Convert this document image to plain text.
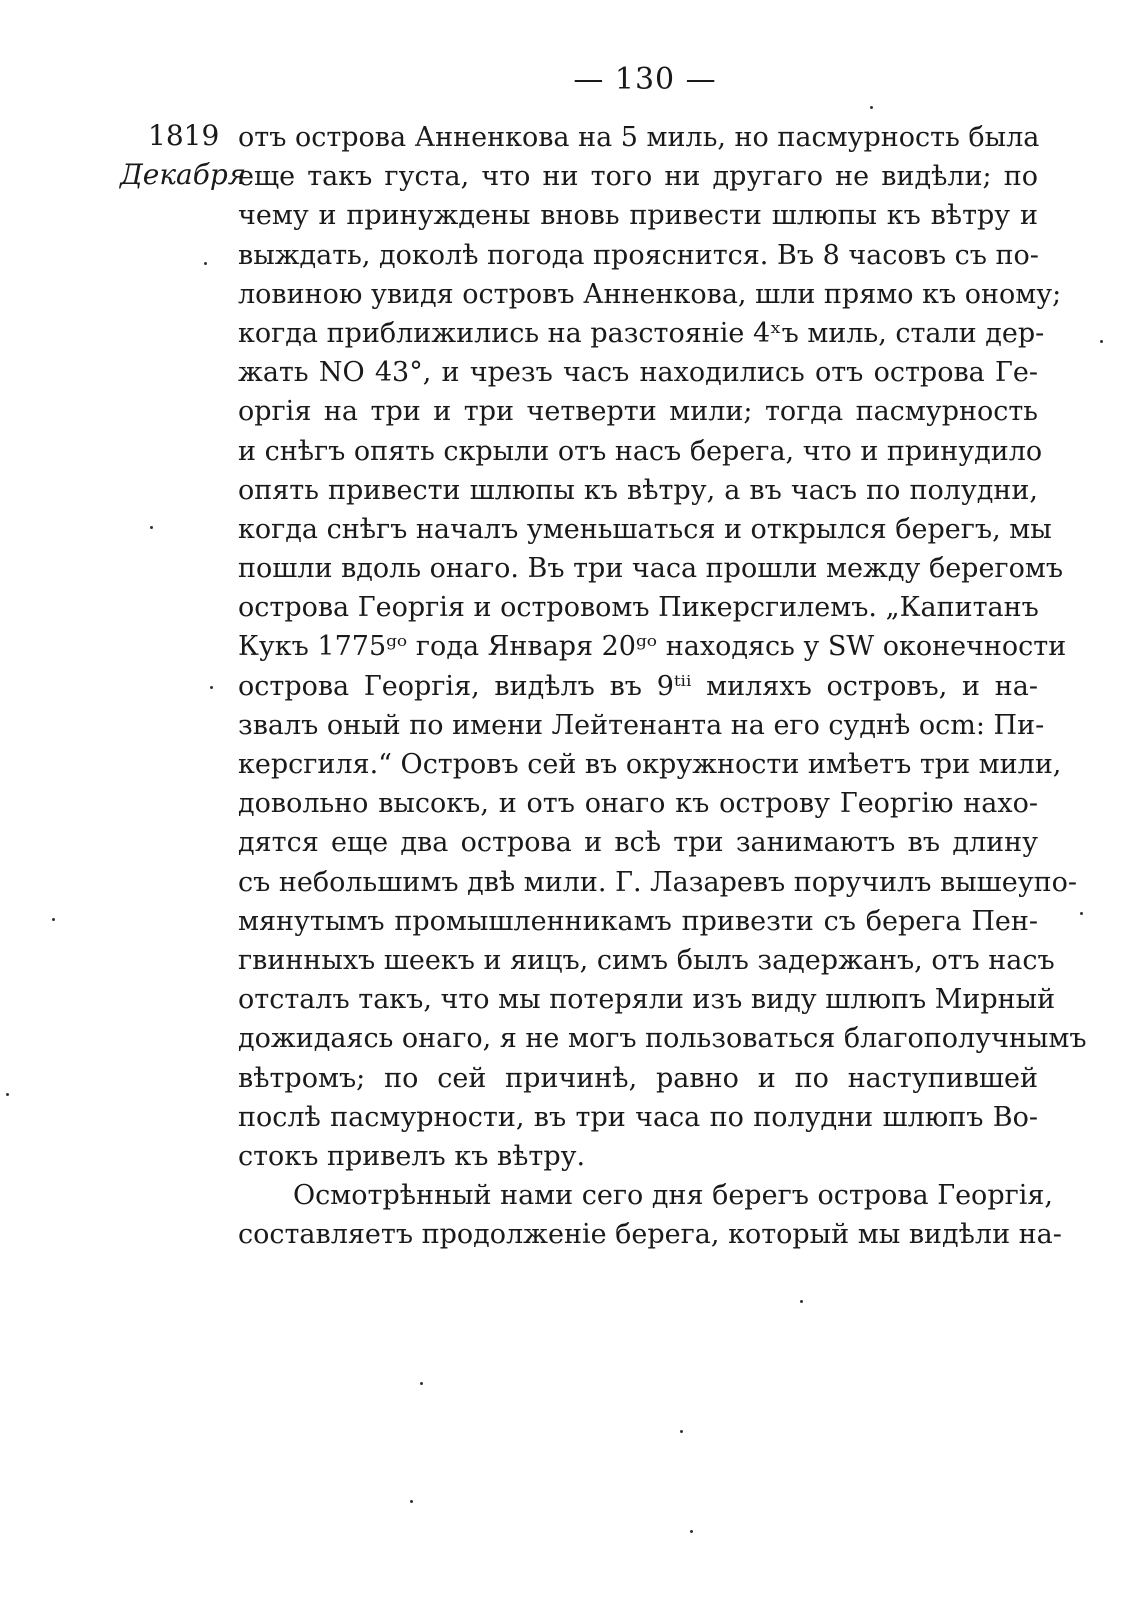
— 130 —
1819
Декабря
отъ острова Анненкова на 5 миль, но пасмурность была
еще такъ густа, что ни того ни другаго не видѣли; по
чему и принуждены вновь привести шлюпы къ вѣтру и
выждать, доколѣ погода прояснится. Въ 8 часовъ съ по-
ловиною увидя островъ Анненкова, шли прямо къ оному;
когда приближились на разстояніе 4ˣъ миль, стали дер-
жать NO 43°, и чрезъ часъ находились отъ острова Ге-
оргія на три и три четверти мили; тогда пасмурность
и снѣгъ опять скрыли отъ насъ берега, что и принудило
опять привести шлюпы къ вѣтру, а въ часъ по полудни,
когда снѣгъ началъ уменьшаться и открылся берегъ, мы
пошли вдоль онаго. Въ три часа прошли между берегомъ
острова Георгія и островомъ Пикерсгилемъ. „Капитанъ
Кукъ 1775ᵍᵒ года Января 20ᵍᵒ находясь у SW оконечности
острова Георгія, видѣлъ въ 9ᵗⁱⁱ миляхъ островъ, и на-
звалъ оный по имени Лейтенанта на его суднѣ осm: Пи-
керсгиля.“ Островъ сей въ окружности имѣетъ три мили,
довольно высокъ, и отъ онаго къ острову Георгію нахо-
дятся еще два острова и всѣ три занимаютъ въ длину
съ небольшимъ двѣ мили. Г. Лазаревъ поручилъ вышеупо-
мянутымъ промышленникамъ привезти съ берега Пен-
гвинныхъ шеекъ и яицъ, симъ былъ задержанъ, отъ насъ
отсталъ такъ, что мы потеряли изъ виду шлюпъ Мирный
дожидаясь онаго, я не могъ пользоваться благополучнымъ
вѣтромъ; по сей причинѣ, равно и по наступившей
послѣ пасмурности, въ три часа по полудни шлюпъ Во-
стокъ привелъ къ вѣтру.
Осмотрѣнный нами сего дня берегъ острова Георгія,
составляетъ продолженіе берега, который мы видѣли на-
